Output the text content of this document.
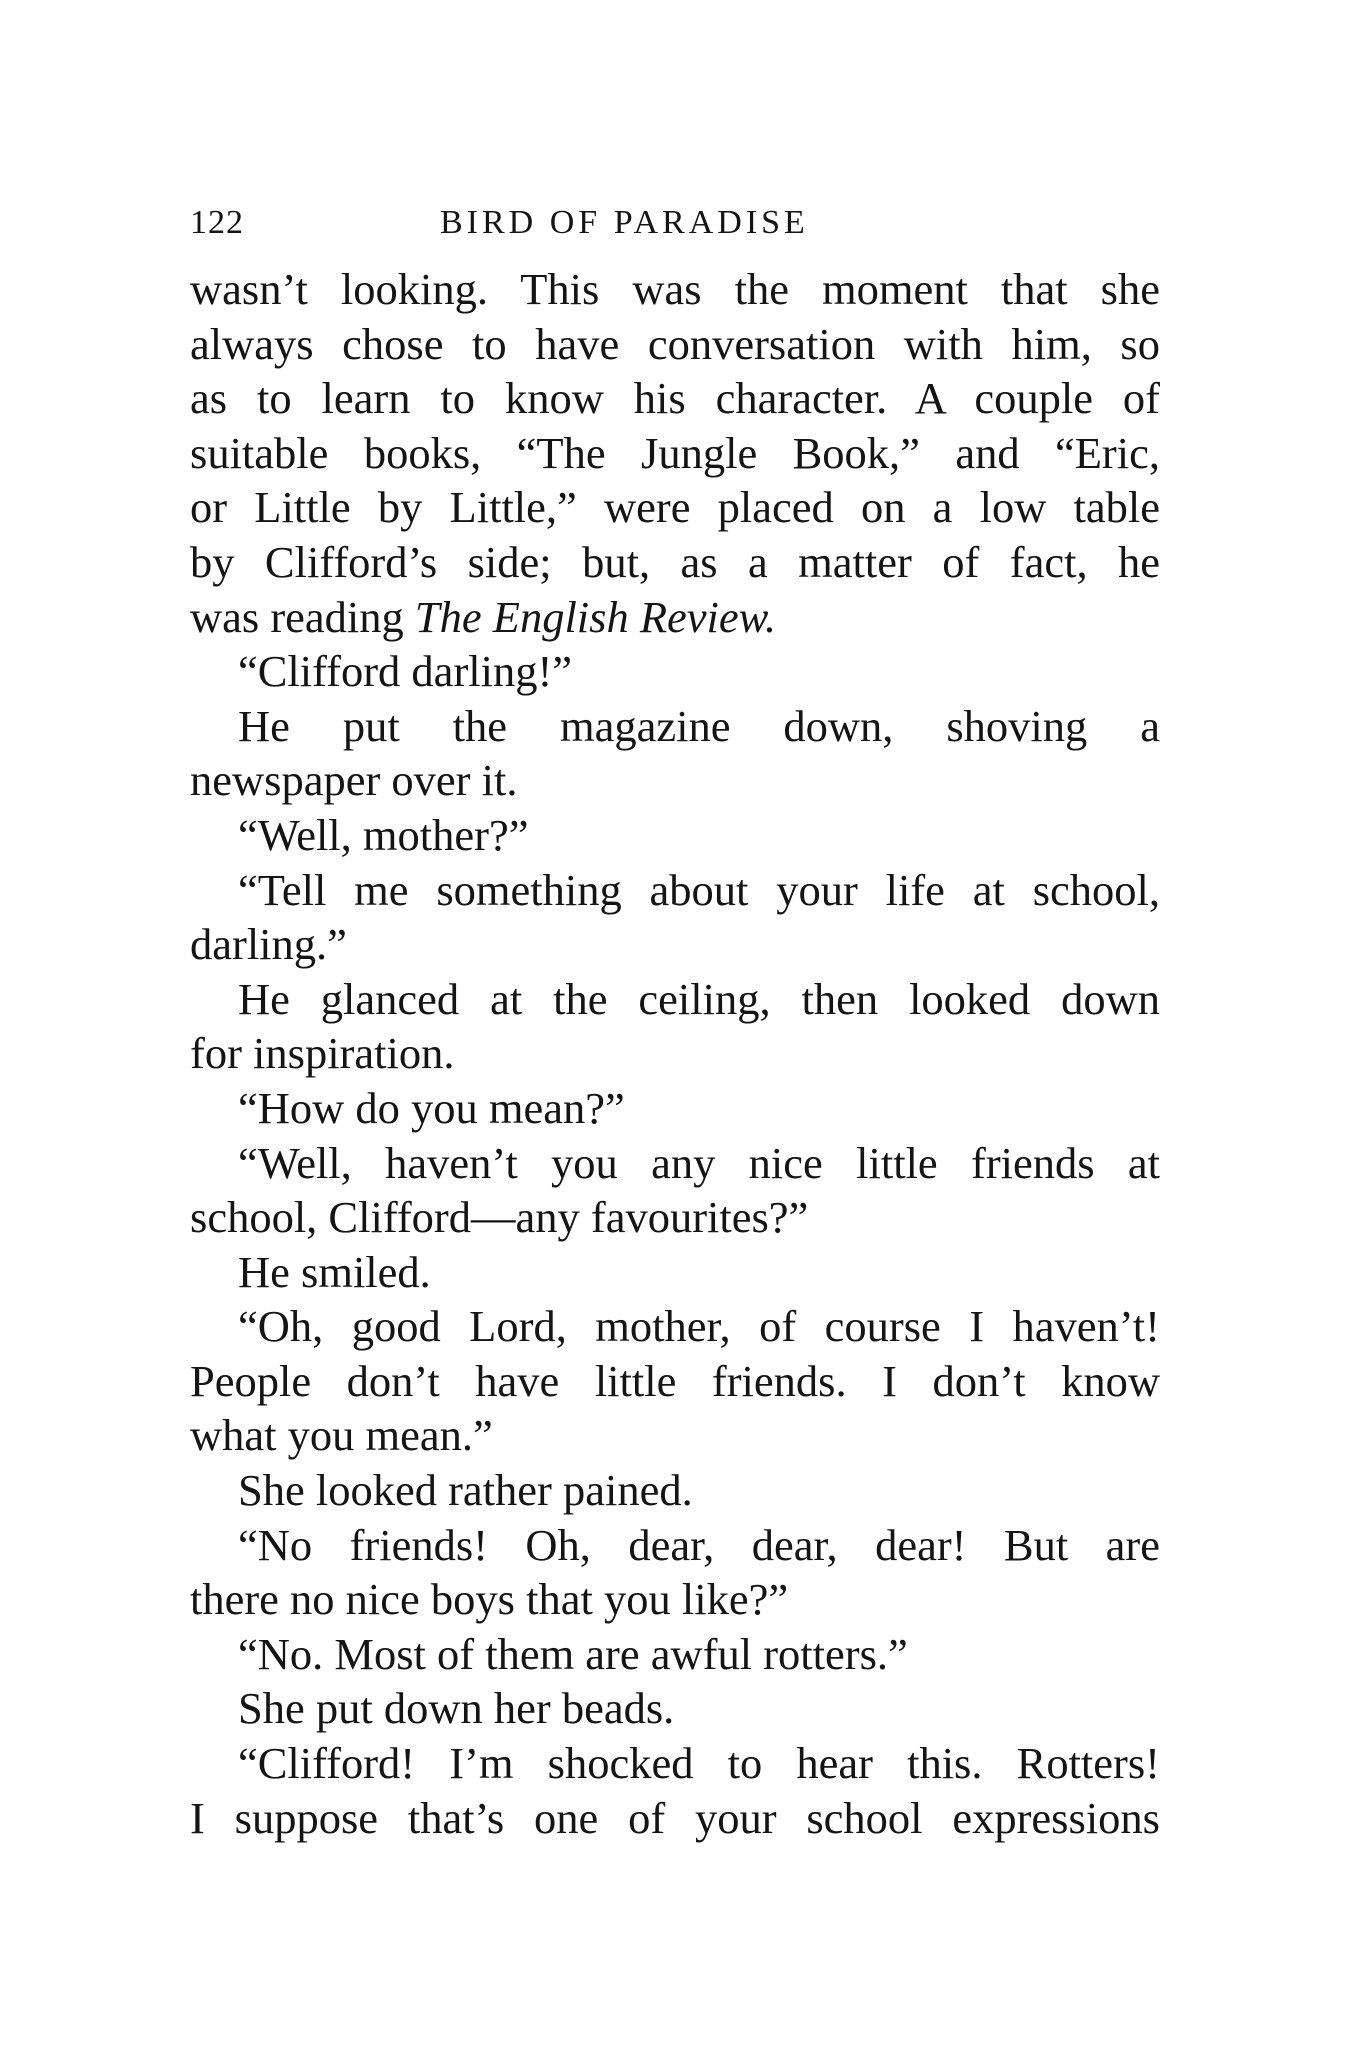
122	BIRD OF PARADISE
wasn’t looking. This was the moment that she
always chose to have conversation with him, so
as to learn to know his character. A couple of
suitable books, “The Jungle Book,” and “Eric,
or Little by Little,” were placed on a low table
by Clifford’s side; but, as a matter of fact, he
was reading The English Review.
“Clifford darling!”
He put the magazine down, shoving a
newspaper over it.
“Well, mother?”
“Tell me something about your life at school,
darling.”
He glanced at the ceiling, then looked down
for inspiration.
“How do you mean?”
“Well, haven’t you any nice little friends at
school, Clifford—any favourites?”
He smiled.
“Oh, good Lord, mother, of course I haven’t!
People don’t have little friends. I don’t know
what you mean.”
She looked rather pained.
“No friends! Oh, dear, dear, dear! But are
there no nice boys that you like?”
“No. Most of them are awful rotters.”
She put down her beads.
“Clifford! I’m shocked to hear this. Rotters!
I suppose that’s one of your school expressions
